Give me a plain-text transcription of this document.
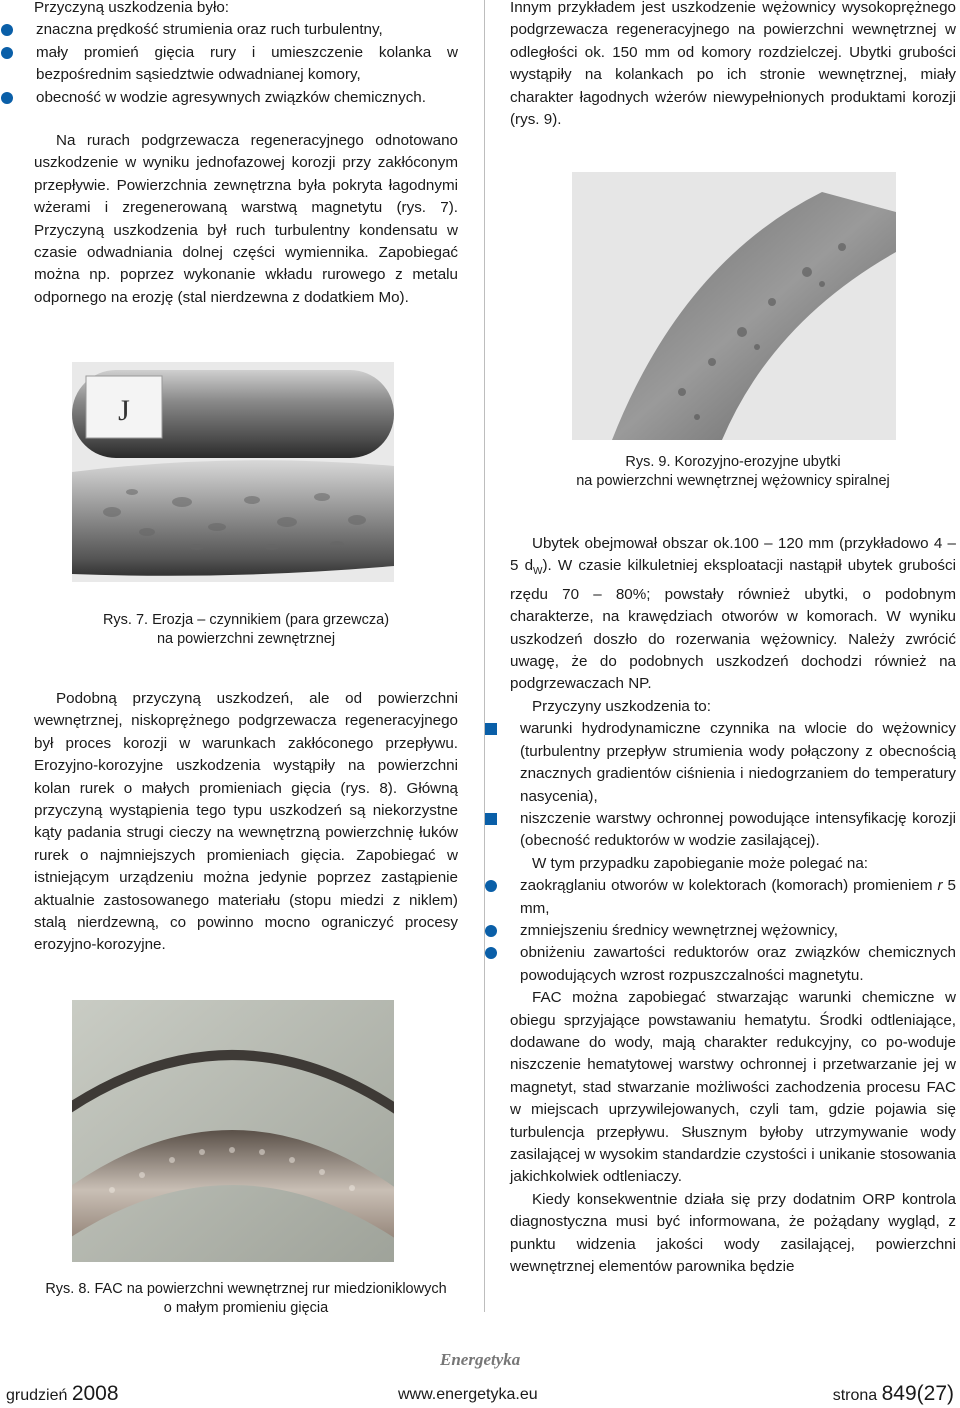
Przyczyną uszkodzenia było:

znaczna prędkość strumienia oraz ruch turbulentny,
mały promień gięcia rury i umieszczenie kolanka w bezpośrednim sąsiedztwie odwadnianej komory,
obecność w wodzie agresywnych związków chemicznych.

Na rurach podgrzewacza regeneracyjnego odnotowano uszkodzenie w wyniku jednofazowej korozji przy zakłóconym przepływie. Powierzchnia zewnętrzna była pokryta łagodnymi wżerami i zregenerowaną warstwą magnetytu (rys. 7). Przyczyną uszkodzenia był ruch turbulentny kondensatu w czasie odwadniania dolnej części wymiennika. Zapobiegać można np. poprzez wykonanie wkładu rurowego z metalu odpornego na erozję (stal nierdzewna z dodatkiem Mo).

J
Rys. 7. Erozja – czynnikiem (para grzewcza)
na powierzchni zewnętrznej

Podobną przyczyną uszkodzeń, ale od powierzchni wewnętrznej, niskoprężnego podgrzewacza regeneracyjnego był proces korozji w warunkach zakłóconego przepływu. Erozyjno-korozyjne uszkodzenia wystąpiły na powierzchni kolan rurek o małych promieniach gięcia (rys. 8). Główną przyczyną wystąpienia tego typu uszkodzeń są niekorzystne kąty padania strugi cieczy na wewnętrzną powierzchnię łuków rurek o najmniejszych promieniach gięcia. Zapobiegać w istniejącym urządzeniu można jedynie poprzez zastąpienie aktualnie zastosowanego materiału (stopu miedzi z niklem) stalą nierdzewną, co powinno mocno ograniczyć procesy erozyjno-korozyjne.

Rys. 8. FAC na powierzchni wewnętrznej rur miedzioniklowych
o małym promieniu gięcia

Innym przykładem jest uszkodzenie wężownicy wysokoprężnego podgrzewacza regeneracyjnego na powierzchni wewnętrznej w odległości ok. 150 mm od komory rozdzielczej. Ubytki grubości wystąpiły na kolankach po ich stronie wewnętrznej, miały charakter łagodnych wżerów niewypełnionych produktami korozji (rys. 9).

Rys. 9. Korozyjno-erozyjne ubytki
na powierzchni wewnętrznej wężownicy spiralnej

Ubytek obejmował obszar ok.100 – 120 mm (przykładowo 4 – 5 $d_W$). W czasie kilkuletniej eksploatacji nastąpił ubytek grubości rzędu 70 – 80%; powstały również ubytki, o podobnym charakterze, na krawędziach otworów w komorach. W wyniku uszkodzeń doszło do rozerwania wężownicy. Należy zwrócić uwagę, że do podobnych uszkodzeń dochodzi również na podgrzewaczach NP.

Przyczyny uszkodzenia to:

warunki hydrodynamiczne czynnika na wlocie do wężownicy (turbulentny przepływ strumienia wody połączony z obecnością znacznych gradientów ciśnienia i niedogrzaniem do temperatury nasycenia),
niszczenie warstwy ochronnej powodujące intensyfikację korozji (obecność reduktorów w wodzie zasilającej).

W tym przypadku zapobieganie może polegać na:

zaokrąglaniu otworów w kolektorach (komorach) promieniem r 5 mm,
zmniejszeniu średnicy wewnętrznej wężownicy,
obniżeniu zawartości reduktorów oraz związków chemicznych powodujących wzrost rozpuszczalności magnetytu.

FAC można zapobiegać stwarzając warunki chemiczne w obiegu sprzyjające powstawaniu hematytu. Środki odtleniające, dodawane do wody, mają charakter redukcyjny, co po-woduje niszczenie hematytowej warstwy ochronnej i przetwarzanie jej w magnetyt, stad stwarzanie możliwości zachodzenia procesu FAC w miejscach uprzywilejowanych, czyli tam, gdzie pojawia się turbulencja przepływu. Słusznym byłoby utrzymywanie wody zasilającej w wysokim standardzie czystości i unikanie stosowania jakichkolwiek odtleniaczy.

Kiedy konsekwentnie działa się przy dodatnim ORP kontrola diagnostyczna musi być informowana, że pożądany wygląd, z punktu widzenia jakości wody zasilającej, powierzchni wewnętrznej elementów parownika będzie

Energetyka
grudzień 2008	www.energetyka.eu	strona 849(27)
